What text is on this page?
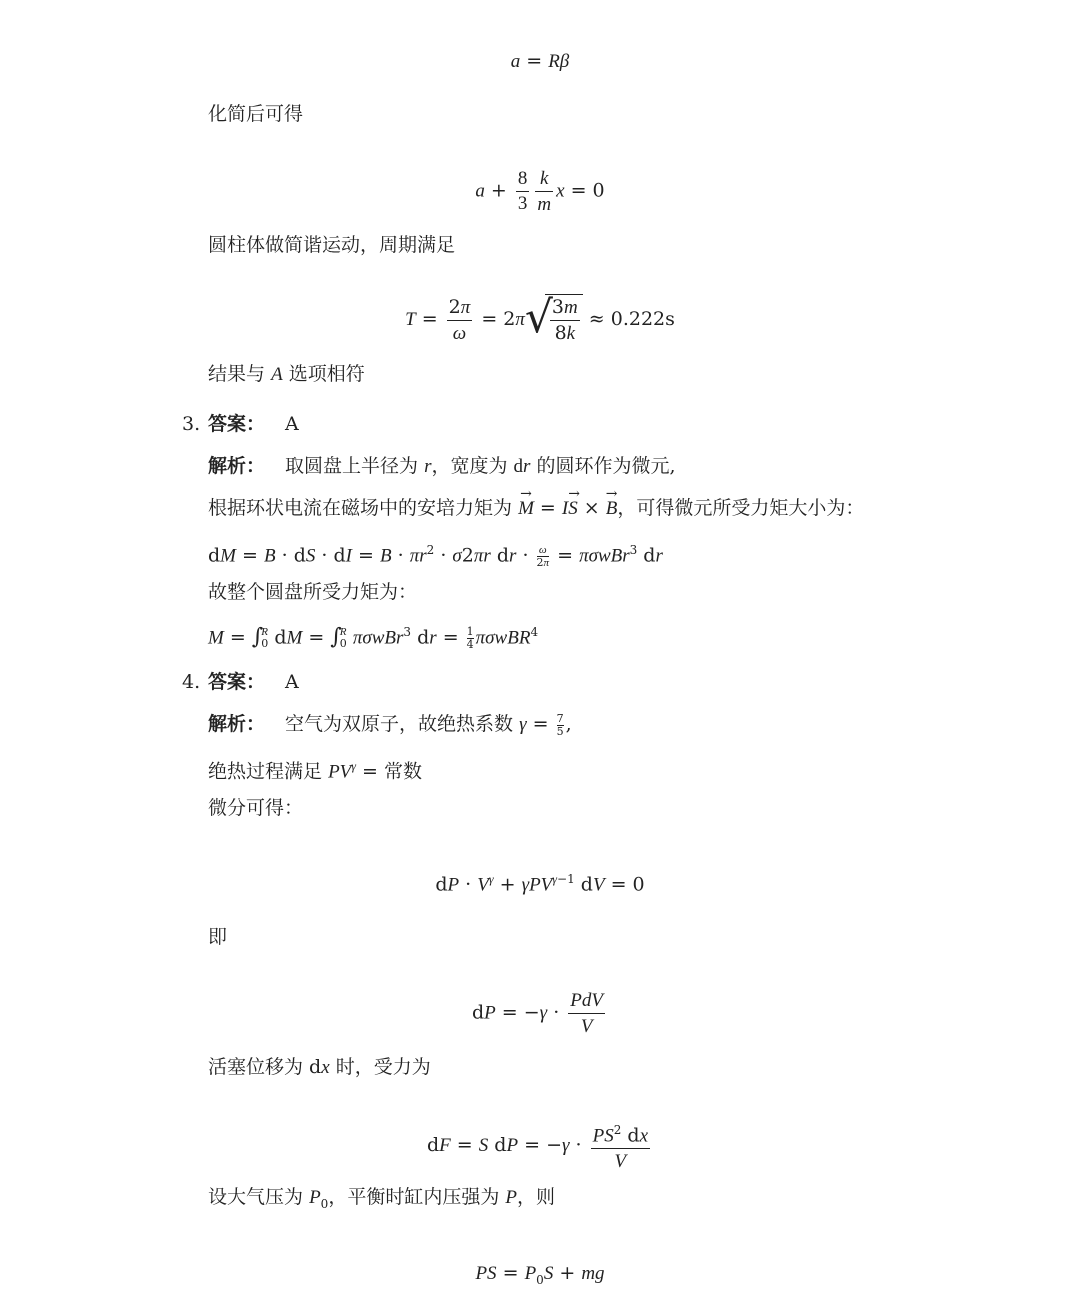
a = Rβ
化简后可得
$a + \frac{8}{3} \frac{k}{m}$ x = 0
圆柱体做简谐运动，周期满足
$T = \frac{2\pi}{\omega} = 2\pi$ √
$\frac{3m}{8k} \approx 0.222s$
结果与 A 选项相符
3. 答案： A
解析： 取圆盘上半径为 r，宽度为 dr 的圆环作为微元,
根据环状电流在磁场中的安培力矩为 → M = I→ S × → B，可得微元所受力矩大小为：
dM = B · dS · dI = $B \cdot \pi r^2 \cdot \sigma 2\pi r$ dr · $\frac{\omega}{2\pi} = \pi\sigma wBr^3$ dr
故整个圆盘所受力矩为：
M = ∫
R
0 dM = ∫
R
0 πσwBr$^3$ dr = $\frac{1}{4} \pi\sigma wBR^4$
4. 答案： A
解析： 空气为双原子，故绝热系数 $\gamma = \frac{7}{5}$ ,
绝热过程满足 $PV^\gamma$ = 常数
微分可得：
dP · $V^\gamma + \gamma PV^{\gamma-1}$ dV = 0
即
dP = $-\gamma \cdot \frac{\text{PdV}}{V}$
活塞位移为 dx 时，受力为
dF = S dP = $-\gamma \cdot \frac{PS^2 dx}{V}$
设大气压为 $P_0$，平衡时缸内压强为 P，则
PS = $P_0S$ + mg
